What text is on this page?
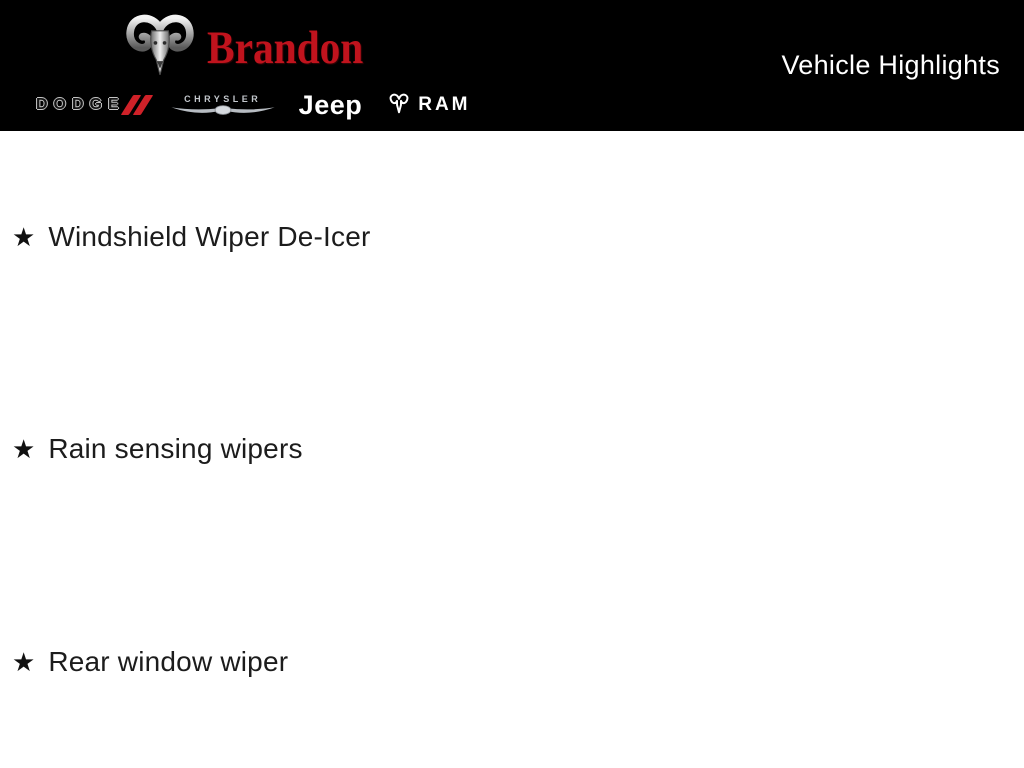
Brandon
DODGE	CHRYSLER Jeep	RAM
Vehicle Highlights
★ Windshield Wiper De-Icer
★ Rain sensing wipers
★ Rear window wiper
